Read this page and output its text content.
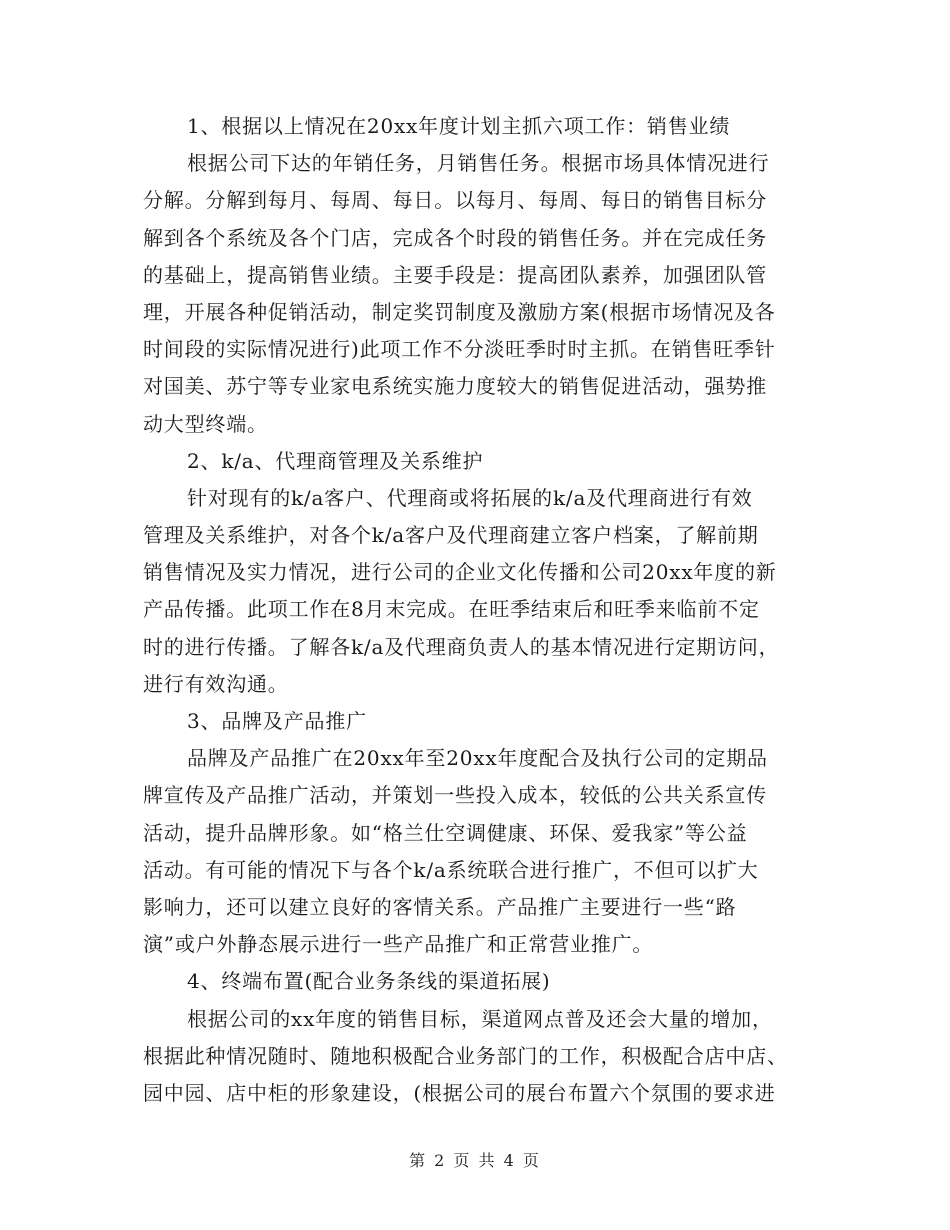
1、根据以上情况在20xx年度计划主抓六项工作：销售业绩
根据公司下达的年销任务，月销售任务。根据市场具体情况进行
分解。分解到每月、每周、每日。以每月、每周、每日的销售目标分
解到各个系统及各个门店，完成各个时段的销售任务。并在完成任务
的基础上，提高销售业绩。主要手段是：提高团队素养，加强团队管
理，开展各种促销活动，制定奖罚制度及激励方案(根据市场情况及各
时间段的实际情况进行)此项工作不分淡旺季时时主抓。在销售旺季针
对国美、苏宁等专业家电系统实施力度较大的销售促进活动，强势推
动大型终端。
2、k/a、代理商管理及关系维护
针对现有的k/a客户、代理商或将拓展的k/a及代理商进行有效
管理及关系维护，对各个k/a客户及代理商建立客户档案，了解前期
销售情况及实力情况，进行公司的企业文化传播和公司20xx年度的新
产品传播。此项工作在8月末完成。在旺季结束后和旺季来临前不定
时的进行传播。了解各k/a及代理商负责人的基本情况进行定期访问，
进行有效沟通。
3、品牌及产品推广
品牌及产品推广在20xx年至20xx年度配合及执行公司的定期品
牌宣传及产品推广活动，并策划一些投入成本，较低的公共关系宣传
活动，提升品牌形象。如“格兰仕空调健康、环保、爱我家”等公益
活动。有可能的情况下与各个k/a系统联合进行推广，不但可以扩大
影响力，还可以建立良好的客情关系。产品推广主要进行一些“路
演”或户外静态展示进行一些产品推广和正常营业推广。
4、终端布置(配合业务条线的渠道拓展)
根据公司的xx年度的销售目标，渠道网点普及还会大量的增加，
根据此种情况随时、随地积极配合业务部门的工作，积极配合店中店、
园中园、店中柜的形象建设，(根据公司的展台布置六个氛围的要求进
第 2 页 共 4 页
